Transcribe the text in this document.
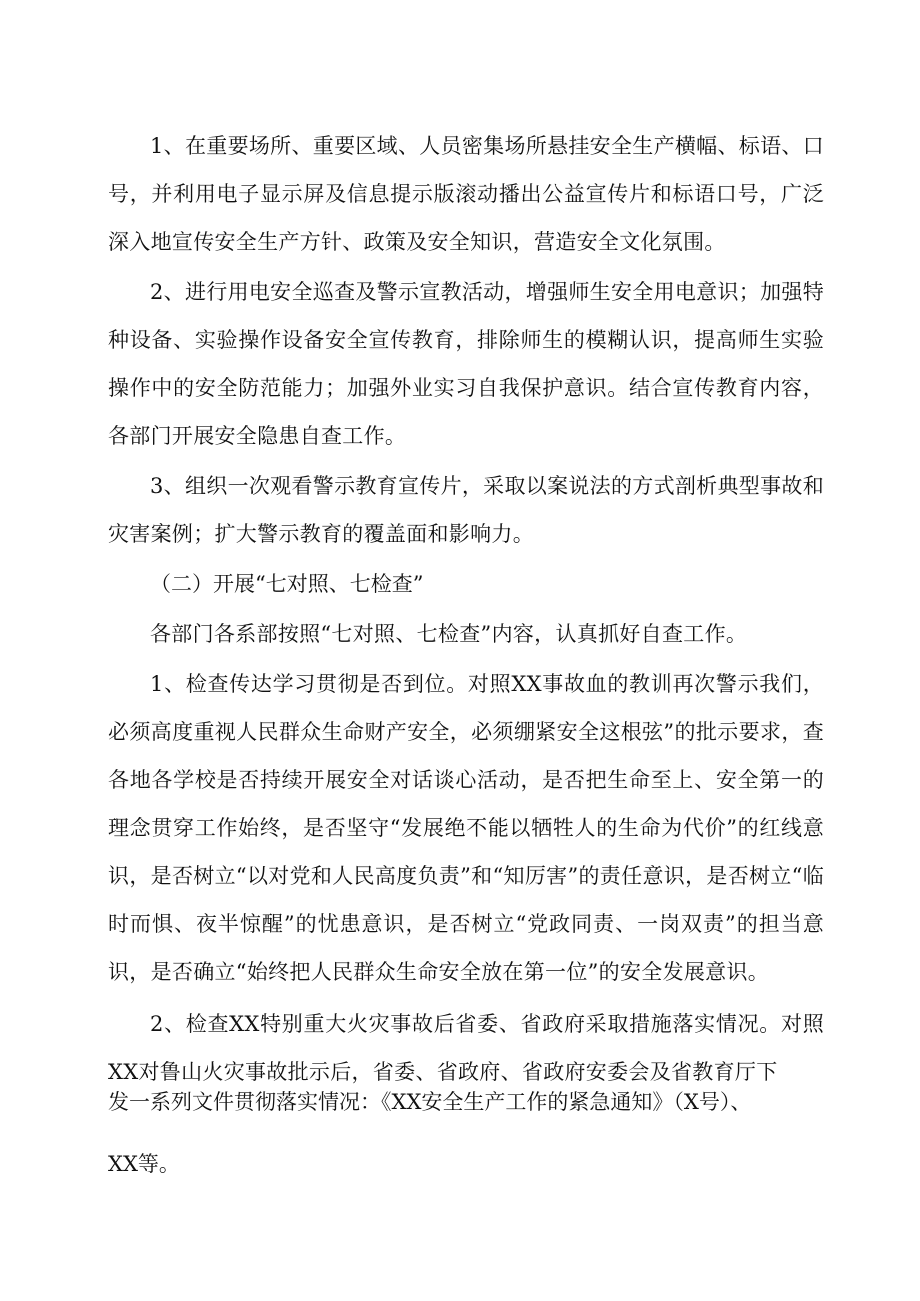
1、在重要场所、重要区域、人员密集场所悬挂安全生产横幅、标语、口号，并利用电子显示屏及信息提示版滚动播出公益宣传片和标语口号，广泛深入地宣传安全生产方针、政策及安全知识，营造安全文化氛围。

2、进行用电安全巡查及警示宣教活动，增强师生安全用电意识；加强特种设备、实验操作设备安全宣传教育，排除师生的模糊认识，提高师生实验操作中的安全防范能力；加强外业实习自我保护意识。结合宣传教育内容，各部门开展安全隐患自查工作。

3、组织一次观看警示教育宣传片，采取以案说法的方式剖析典型事故和灾害案例；扩大警示教育的覆盖面和影响力。

（二）开展“七对照、七检查”

各部门各系部按照“七对照、七检查”内容，认真抓好自查工作。

1、检查传达学习贯彻是否到位。对照XX事故血的教训再次警示我们，必须高度重视人民群众生命财产安全，必须绷紧安全这根弦”的批示要求，查各地各学校是否持续开展安全对话谈心活动，是否把生命至上、安全第一的理念贯穿工作始终，是否坚守“发展绝不能以牺牲人的生命为代价”的红线意识，是否树立“以对党和人民高度负责”和“知厉害”的责任意识，是否树立“临时而惧、夜半惊醒”的忧患意识，是否树立“党政同责、一岗双责”的担当意识，是否确立“始终把人民群众生命安全放在第一位”的安全发展意识。

2、检查XX特别重大火灾事故后省委、省政府采取措施落实情况。对照XX对鲁山火灾事故批示后，省委、省政府、省政府安委会及省教育厅下

发一系列文件贯彻落实情况：《XX安全生产工作的紧急通知》（X号）、

XX等。
